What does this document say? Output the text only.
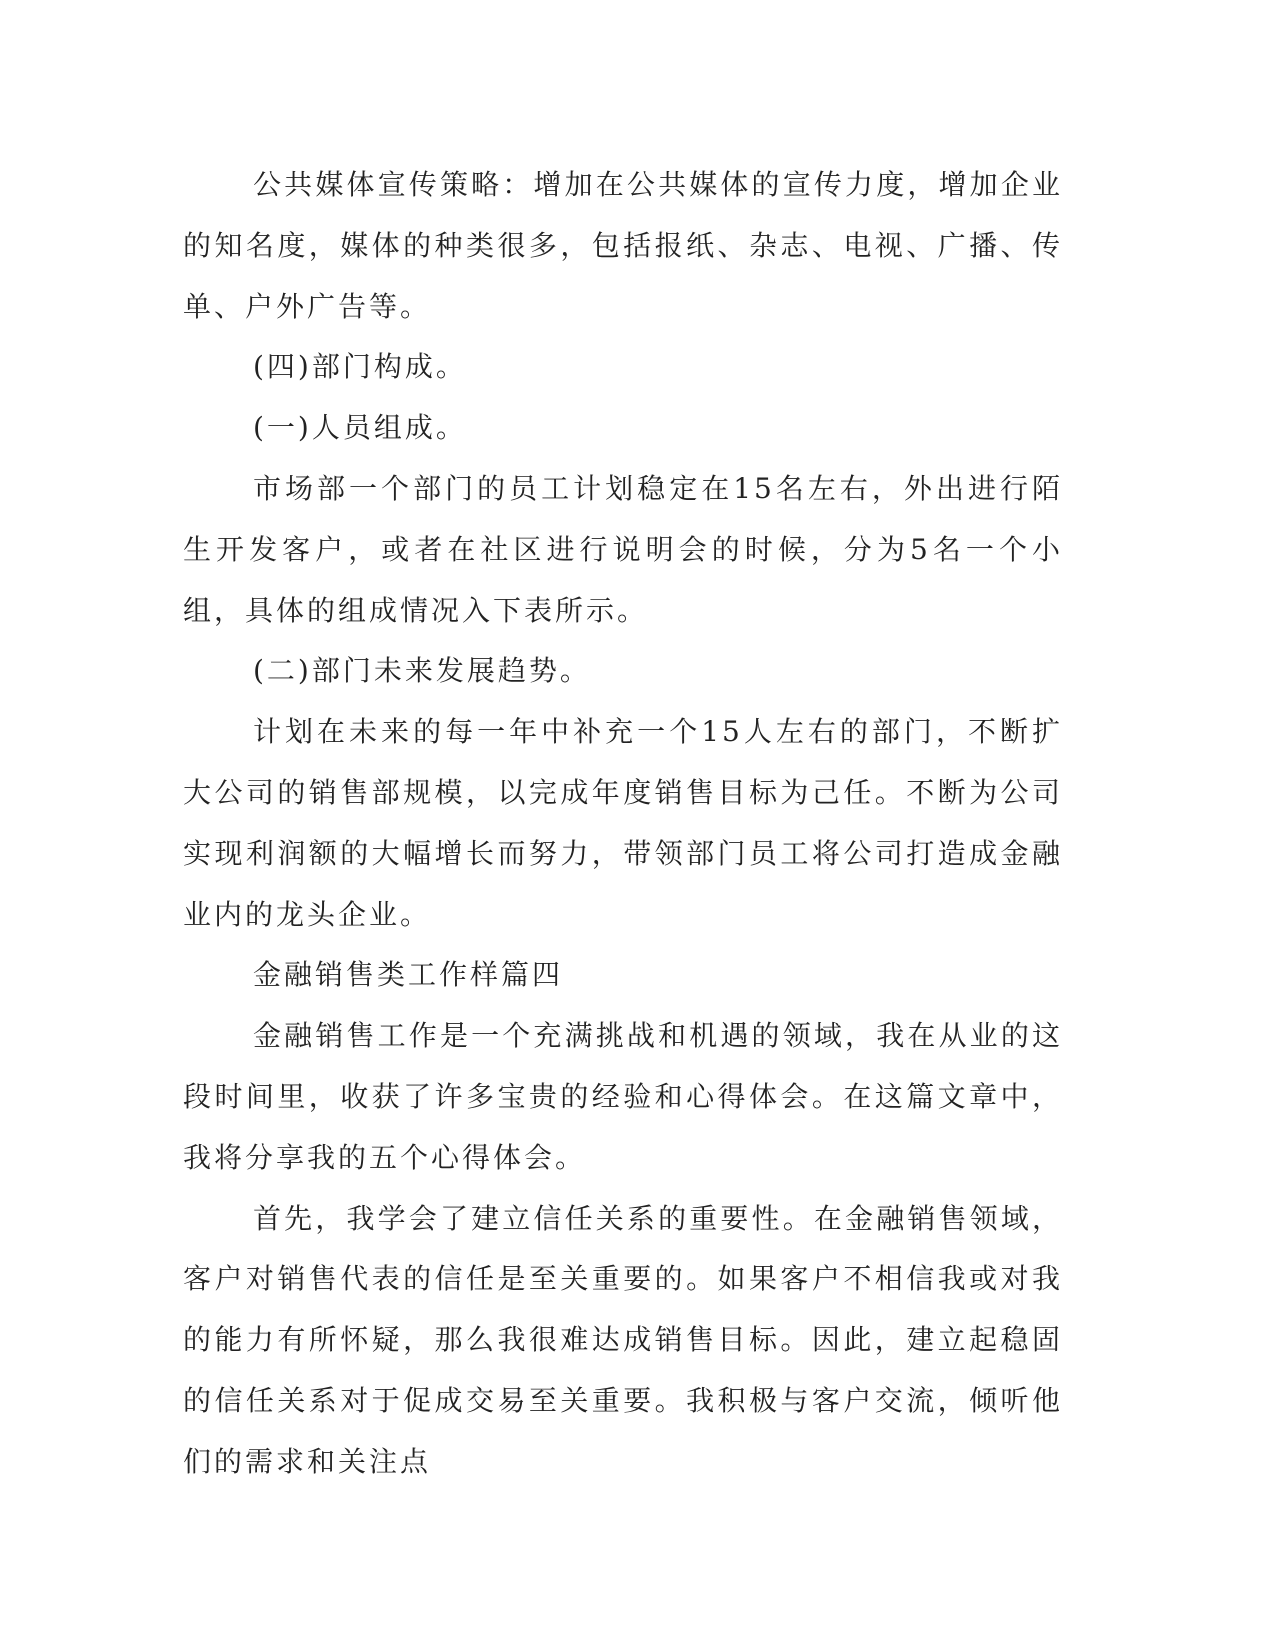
公共媒体宣传策略：增加在公共媒体的宣传力度，增加企业的知名度，媒体的种类很多，包括报纸、杂志、电视、广播、传单、户外广告等。

(四)部门构成。

(一)人员组成。

市场部一个部门的员工计划稳定在15名左右，外出进行陌生开发客户，或者在社区进行说明会的时候，分为5名一个小组，具体的组成情况入下表所示。

(二)部门未来发展趋势。

计划在未来的每一年中补充一个15人左右的部门，不断扩大公司的销售部规模，以完成年度销售目标为己任。不断为公司实现利润额的大幅增长而努力，带领部门员工将公司打造成金融业内的龙头企业。

金融销售类工作样篇四

金融销售工作是一个充满挑战和机遇的领域，我在从业的这段时间里，收获了许多宝贵的经验和心得体会。在这篇文章中，我将分享我的五个心得体会。

首先，我学会了建立信任关系的重要性。在金融销售领域，客户对销售代表的信任是至关重要的。如果客户不相信我或对我的能力有所怀疑，那么我很难达成销售目标。因此，建立起稳固的信任关系对于促成交易至关重要。我积极与客户交流，倾听他们的需求和关注点
